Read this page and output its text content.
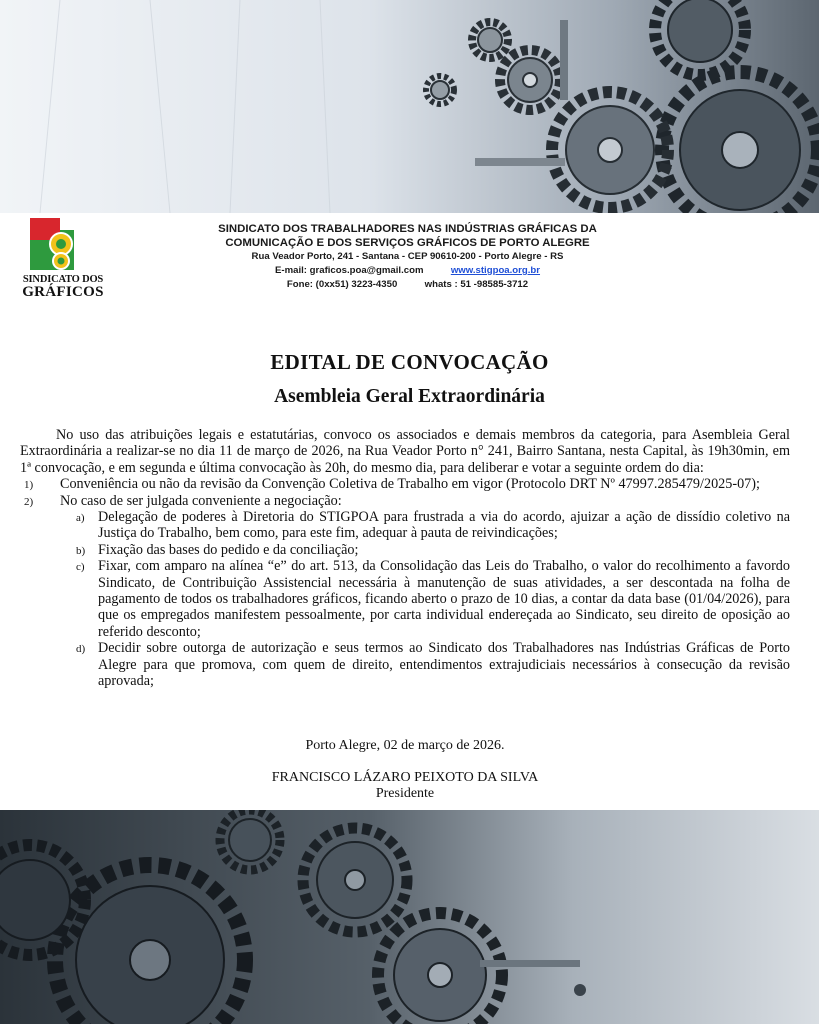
SINDICATO DOS
GRÁFICOS
SINDICATO DOS TRABALHADORES NAS INDÚSTRIAS GRÁFICAS DA
COMUNICAÇÃO E DOS SERVIÇOS GRÁFICOS DE PORTO ALEGRE
Rua Veador Porto, 241 - Santana - CEP 90610-200 - Porto Alegre - RS
E-mail: graficos.poa@gmail.com	www.stigpoa.org.br
Fone: (0xx51) 3223-4350	whats : 51 -98585-3712
EDITAL DE CONVOCAÇÃO
Asembleia Geral Extraordinária

No uso das atribuições legais e estatutárias, convoco os associados e demais membros da categoria, para Asembleia Geral Extraordinária a realizar-se no dia 11 de março de 2026, na Rua Veador Porto n° 241, Bairro Santana, nesta Capital, às 19h30min, em 1ª convocação, e em segunda e última convocação às 20h, do mesmo dia, para deliberar e votar a seguinte ordem do dia:

1) Conveniência ou não da revisão da Convenção Coletiva de Trabalho em vigor (Protocolo DRT Nº 47997.285479/2025-07);

2) No caso de ser julgada conveniente a negociação:

a) Delegação de poderes à Diretoria do STIGPOA para frustrada a via do acordo, ajuizar a ação de dissídio coletivo na Justiça do Trabalho, bem como, para este fim, adequar à pauta de reivindicações;

b) Fixação das bases do pedido e da conciliação;

c) Fixar, com amparo na alínea “e” do art. 513, da Consolidação das Leis do Trabalho, o valor do recolhimento a favordo Sindicato, de Contribuição Assistencial necessária à manutenção de suas atividades, a ser descontada na folha de pagamento de todos os trabalhadores gráficos, ficando aberto o prazo de 10 dias, a contar da data base (01/04/2026), para que os empregados manifestem pessoalmente, por carta individual endereçada ao Sindicato, seu direito de oposição ao referido desconto;

d) Decidir sobre outorga de autorização e seus termos ao Sindicato dos Trabalhadores nas Indústrias Gráficas de Porto Alegre para que promova, com quem de direito, entendimentos extrajudiciais necessários à consecução da revisão aprovada;

Porto Alegre, 02 de março de 2026.
FRANCISCO LÁZARO PEIXOTO DA SILVA
Presidente
